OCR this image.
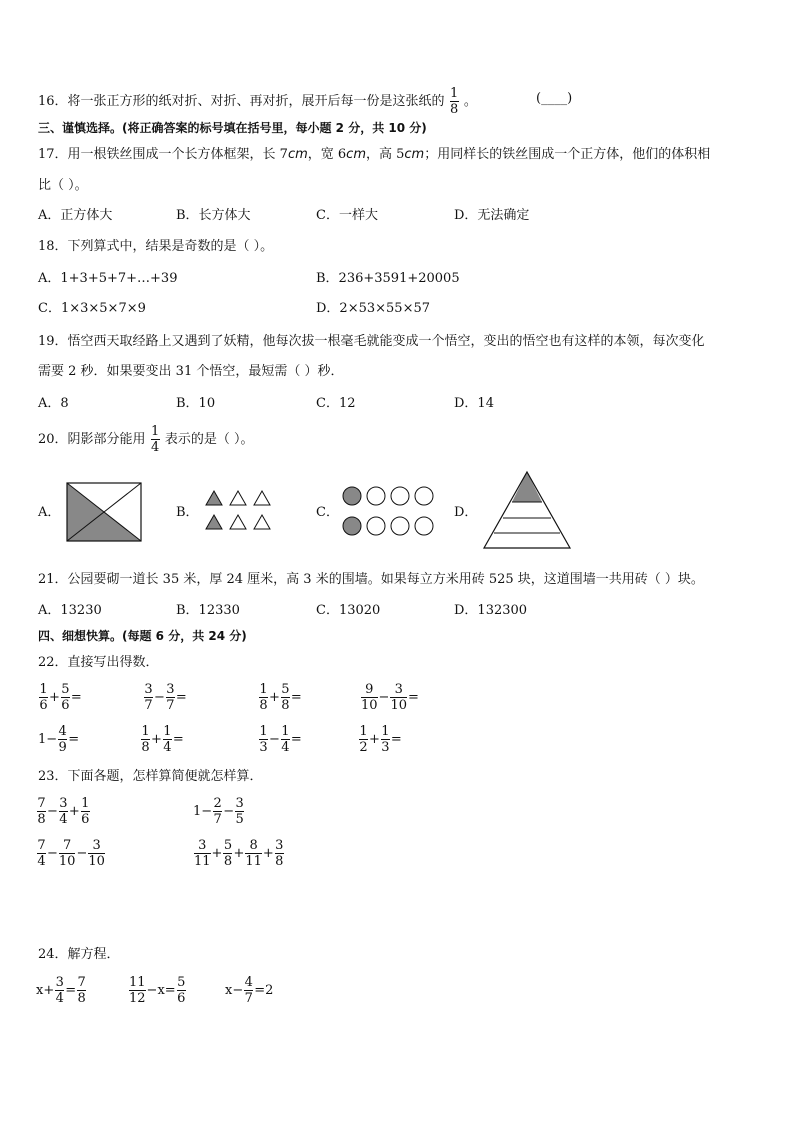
16．将一张正方形的纸对折、对折、再对折，展开后每一份是这张纸的 $\frac{1}{8}$ 。	(____)
三、谨慎选择。(将正确答案的标号填在括号里，每小题 2 分，共 10 分)
17．用一根铁丝围成一个长方体框架，长 7cm，宽 6cm，高 5cm；用同样长的铁丝围成一个正方体，他们的体积相
比（ ）。
A．正方体大	B．长方体大	C．一样大	D．无法确定
18．下列算式中，结果是奇数的是（ ）。
A．1+3+5+7+…+39	B．236+3591+20005
C．1×3×5×7×9	D．2×53×55×57
19．悟空西天取经路上又遇到了妖精，他每次拔一根毫毛就能变成一个悟空，变出的悟空也有这样的本领，每次变化
需要 2 秒．如果要变出 31 个悟空，最短需（ ）秒．
A．8	B．10	C．12	D．14
20．阴影部分能用 $\frac{1}{4}$ 表示的是（ ）。
A．	B．	C．	D．
21．公园要砌一道长 35 米，厚 24 厘米，高 3 米的围墙。如果每立方米用砖 525 块，这道围墙一共用砖（ ）块。
A．13230	B．12330	C．13020	D．132300
四、细想快算。(每题 6 分，共 24 分)
22．直接写出得数．
$\frac{1}{6} + \frac{5}{6}$ =	$\frac{3}{7} - \frac{3}{7}$ =	$\frac{1}{8} + \frac{5}{8}$ =	$\frac{9}{10} - \frac{3}{10}$ =
$1- \frac{4}{9}$ =	$\frac{1}{8} + \frac{1}{4}$ =	$\frac{1}{3} - \frac{1}{4}$ =	$\frac{1}{2} + \frac{1}{3}$ =
23．下面各题，怎样算简便就怎样算．
$\frac{7}{8} - \frac{3}{4} + \frac{1}{6}$	$1- \frac{2}{7} - \frac{3}{5}$
$\frac{7}{4} - \frac{7}{10} - \frac{3}{10}$	$\frac{3}{11} + \frac{5}{8} + \frac{8}{11} + \frac{3}{8}$
24．解方程．
$x+ \frac{3}{4} = \frac{7}{8}$	$\frac{11}{12} -x= \frac{5}{6}$	$x- \frac{4}{7} =2$
